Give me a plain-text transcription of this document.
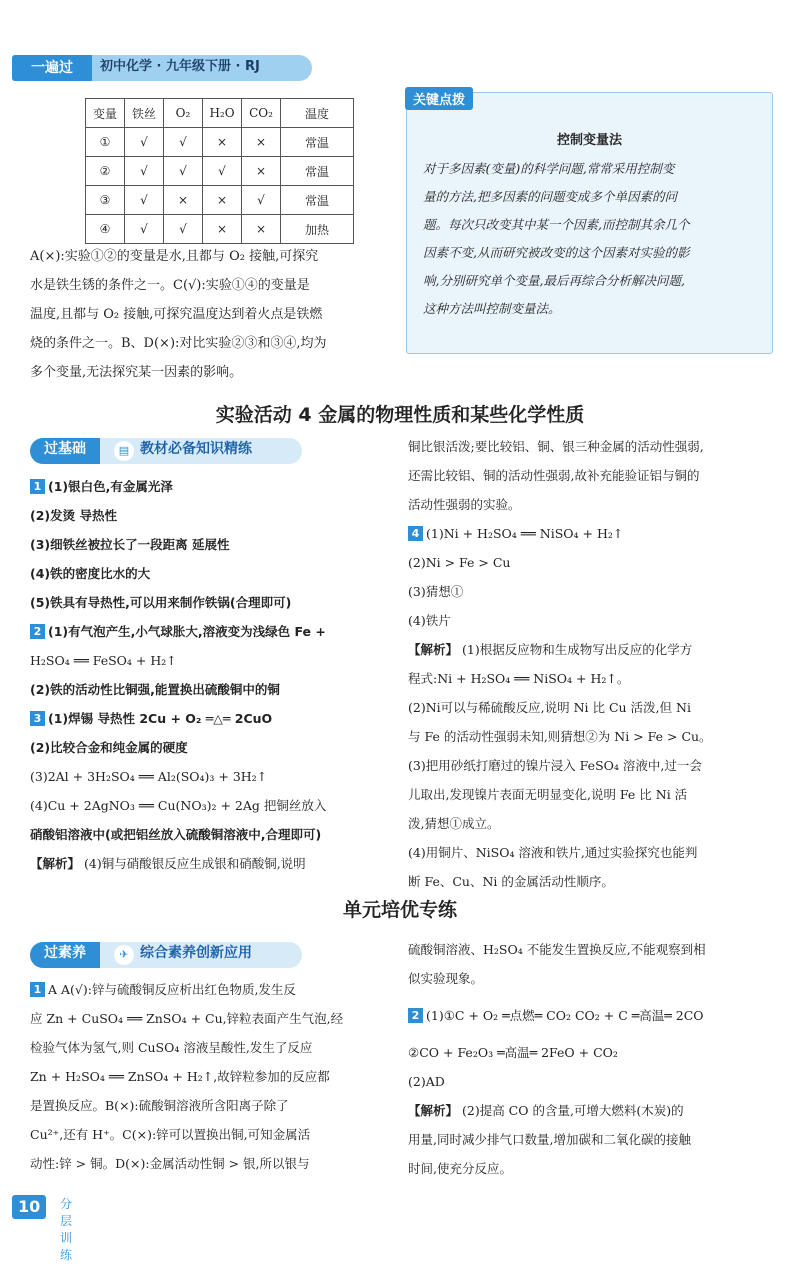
一遍过	初中化学 · 九年级下册 · RJ
变量	铁丝	O₂	H₂O	CO₂	温度
①	√	√	×	×	常温
②	√	√	√	×	常温
③	√	×	×	√	常温
④	√	√	×	×	加热
A(×):实验①②的变量是水,且都与 O₂ 接触,可探究
水是铁生锈的条件之一。C(√):实验①④的变量是
温度,且都与 O₂ 接触,可探究温度达到着火点是铁燃
烧的条件之一。B、D(×):对比实验②③和③④,均为
多个变量,无法探究某一因素的影响。
关键点拨
控制变量法
对于多因素(变量)的科学问题,常常采用控制变
量的方法,把多因素的问题变成多个单因素的问
题。每次只改变其中某一个因素,而控制其余几个
因素不变,从而研究被改变的这个因素对实验的影
响,分别研究单个变量,最后再综合分析解决问题,
这种方法叫控制变量法。
实验活动 4 金属的物理性质和某些化学性质
过基础	▤ 教材必备知识精练
1 (1)银白色,有金属光泽
(2)发烫 导热性
(3)细铁丝被拉长了一段距离 延展性
(4)铁的密度比水的大
(5)铁具有导热性,可以用来制作铁锅(合理即可)
2 (1)有气泡产生,小气球胀大,溶液变为浅绿色 Fe +
H₂SO₄ ══ FeSO₄ + H₂↑
(2)铁的活动性比铜强,能置换出硫酸铜中的铜
3 (1)焊锡 导热性 2Cu + O₂ ═△═ 2CuO
(2)比较合金和纯金属的硬度
(3)2Al + 3H₂SO₄ ══ Al₂(SO₄)₃ + 3H₂↑
(4)Cu + 2AgNO₃ ══ Cu(NO₃)₂ + 2Ag 把铜丝放入
硝酸铝溶液中(或把铝丝放入硫酸铜溶液中,合理即可)
【解析】 (4)铜与硝酸银反应生成银和硝酸铜,说明
铜比银活泼;要比较铝、铜、银三种金属的活动性强弱,
还需比较铝、铜的活动性强弱,故补充能验证铝与铜的
活动性强弱的实验。
4 (1)Ni + H₂SO₄ ══ NiSO₄ + H₂↑
(2)Ni > Fe > Cu
(3)猜想①
(4)铁片
【解析】 (1)根据反应物和生成物写出反应的化学方
程式:Ni + H₂SO₄ ══ NiSO₄ + H₂↑。
(2)Ni可以与稀硫酸反应,说明 Ni 比 Cu 活泼,但 Ni
与 Fe 的活动性强弱未知,则猜想②为 Ni > Fe > Cu。
(3)把用砂纸打磨过的镍片浸入 FeSO₄ 溶液中,过一会
儿取出,发现镍片表面无明显变化,说明 Fe 比 Ni 活
泼,猜想①成立。
(4)用铜片、NiSO₄ 溶液和铁片,通过实验探究也能判
断 Fe、Cu、Ni 的金属活动性顺序。
单元培优专练
过素养	✈ 综合素养创新应用
1 A A(√):锌与硫酸铜反应析出红色物质,发生反
应 Zn + CuSO₄ ══ ZnSO₄ + Cu,锌粒表面产生气泡,经
检验气体为氢气,则 CuSO₄ 溶液呈酸性,发生了反应
Zn + H₂SO₄ ══ ZnSO₄ + H₂↑,故锌粒参加的反应都
是置换反应。B(×):硫酸铜溶液所含阳离子除了
Cu²⁺,还有 H⁺。C(×):锌可以置换出铜,可知金属活
动性:锌 > 铜。D(×):金属活动性铜 > 银,所以银与
硫酸铜溶液、H₂SO₄ 不能发生置换反应,不能观察到相
似实验现象。
2 (1)①C + O₂ ═点燃═ CO₂ CO₂ + C ═高温═ 2CO
②CO + Fe₂O₃ ═高温═ 2FeO + CO₂
(2)AD
【解析】 (2)提高 CO 的含量,可增大燃料(木炭)的
用量,同时减少排气口数量,增加碳和二氧化碳的接触
时间,使充分反应。
10	分层训练
